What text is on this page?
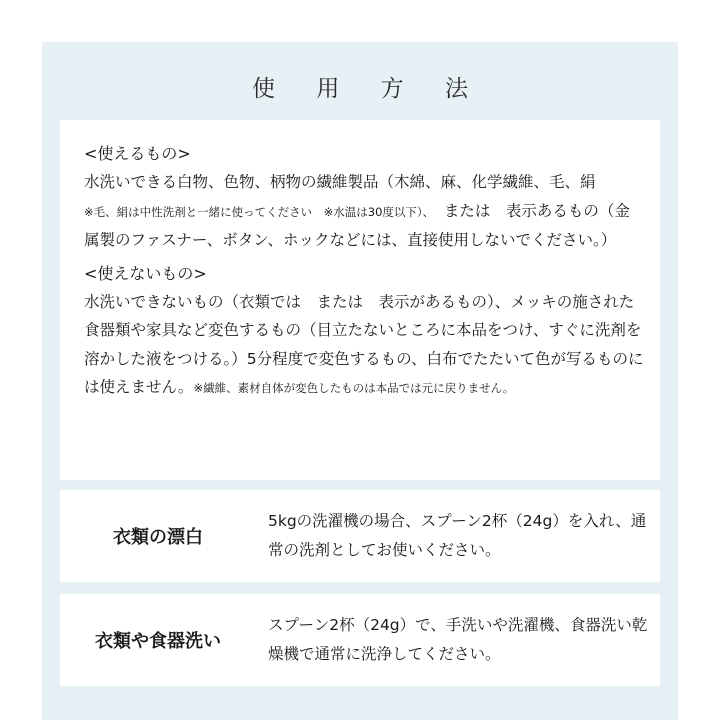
使 用 方 法
<使えるもの>

水洗いできる白物、色物、柄物の繊維製品（木綿、麻、化学繊維、毛、絹
※毛、絹は中性洗剤と一緒に使ってください　※水温は30度以下）、　または　表示あるもの（金属製のファスナー、ボタン、ホックなどには、直接使用しないでください。）

<使えないもの>

水洗いできないもの（衣類では　または　表示があるもの）、メッキの施された食器類や家具など変色するもの（目立たないところに本品をつけ、すぐに洗剤を溶かした液をつける。）5分程度で変色するもの、白布でたたいて色が写るものには使えません。※繊維、素材自体が変色したものは本品では元に戻りません。

衣類の漂白

5kgの洗濯機の場合、スプーン2杯（24g）を入れ、通常の洗剤としてお使いください。

衣類や食器洗い

スプーン2杯（24g）で、手洗いや洗濯機、食器洗い乾燥機で通常に洗浄してください。
